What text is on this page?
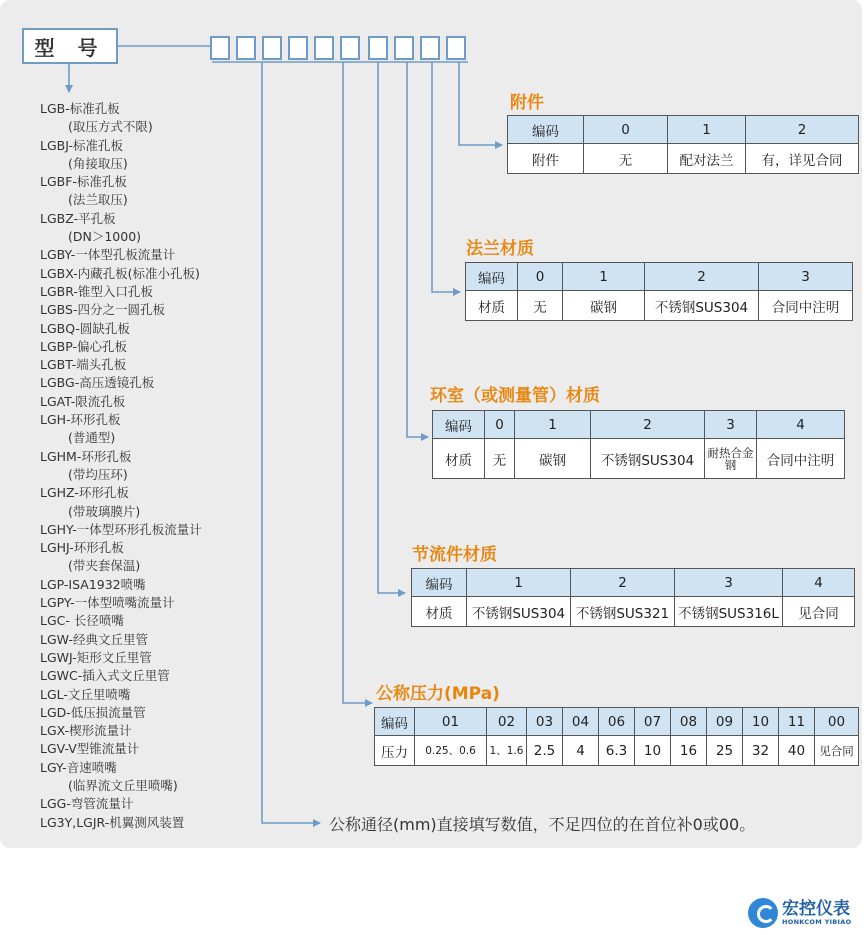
型 号
LGB-标准孔板
(取压方式不限)
LGBJ-标准孔板
(角接取压)
LGBF-标准孔板
(法兰取压)
LGBZ-平孔板
(DN＞1000)
LGBY-一体型孔板流量计
LGBX-内藏孔板(标准小孔板)
LGBR-锥型入口孔板
LGBS-四分之一圆孔板
LGBQ-圆缺孔板
LGBP-偏心孔板
LGBT-端头孔板
LGBG-高压透镜孔板
LGAT-限流孔板
LGH-环形孔板
(普通型)
LGHM-环形孔板
(带均压环)
LGHZ-环形孔板
(带玻璃膜片)
LGHY-一体型环形孔板流量计
LGHJ-环形孔板
(带夹套保温)
LGP-ISA1932喷嘴
LGPY-一体型喷嘴流量计
LGC- 长径喷嘴
LGW-经典文丘里管
LGWJ-矩形文丘里管
LGWC-插入式文丘里管
LGL-文丘里喷嘴
LGD-低压损流量管
LGX-楔形流量计
LGV-V型锥流量计
LGY-音速喷嘴
(临界流文丘里喷嘴)
LGG-弯管流量计
LG3Y,LGJR-机翼测风装置
附件
编码	0	1	2
附件	无	配对法兰	有，详见合同
法兰材质
编码	0	1	2	3
材质	无	碳钢	不锈钢SUS304	合同中注明
环室（或测量管）材质
编码	0	1	2	3	4
材质	无	碳钢	不锈钢SUS304	耐热合金钢	合同中注明
节流件材质
编码	1	2	3	4
材质	不锈钢SUS304	不锈钢SUS321	不锈钢SUS316L	见合同
公称压力(MPa)
编码	01	02	03	04	06	07	08	09	10	11	00
压力	0.25、0.6	1、1.6	2.5	4	6.3	10	16	25	32	40	见合同
公称通径(mm)直接填写数值，不足四位的在首位补0或00。
宏控仪表
HONKCOM YIBIAO
